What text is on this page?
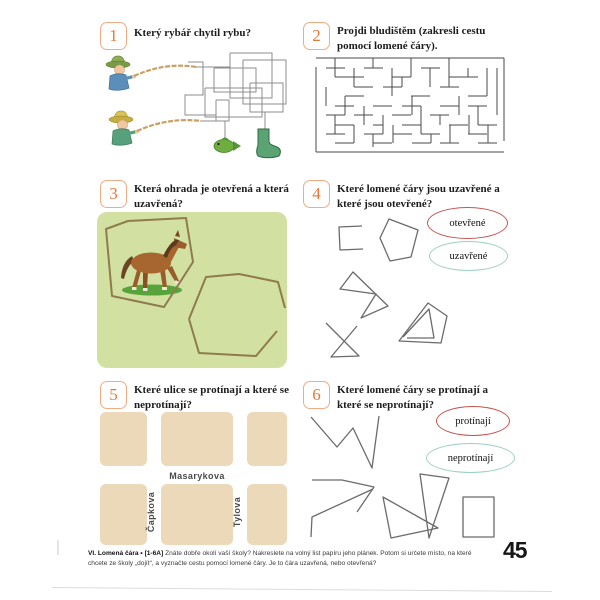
Masarykova
Čapkova	Tylova
1	2
3	4
5	6
Který rybář chytil rybu?	Projdi bludištěm (zakresli cestu pomocí lomené čáry).
Která ohrada je otevřená a která uzavřená?
Které lomené čáry jsou uzavřené a které jsou otevřené?
Které ulice se protínají a které se neprotínají?
Které lomené čáry se protínají a které se neprotínají?
otevřené
uzavřené
protínají
neprotínají
VI. Lomená čára • [1-6A] Znáte dobře okolí vaší školy? Nakreslete na volný list papíru jeho plánek. Potom si určete místo, na které chcete ze školy „dojít“, a vyznačte cestu pomocí lomené čáry. Je to čára uzavřená, nebo otevřená?
45
